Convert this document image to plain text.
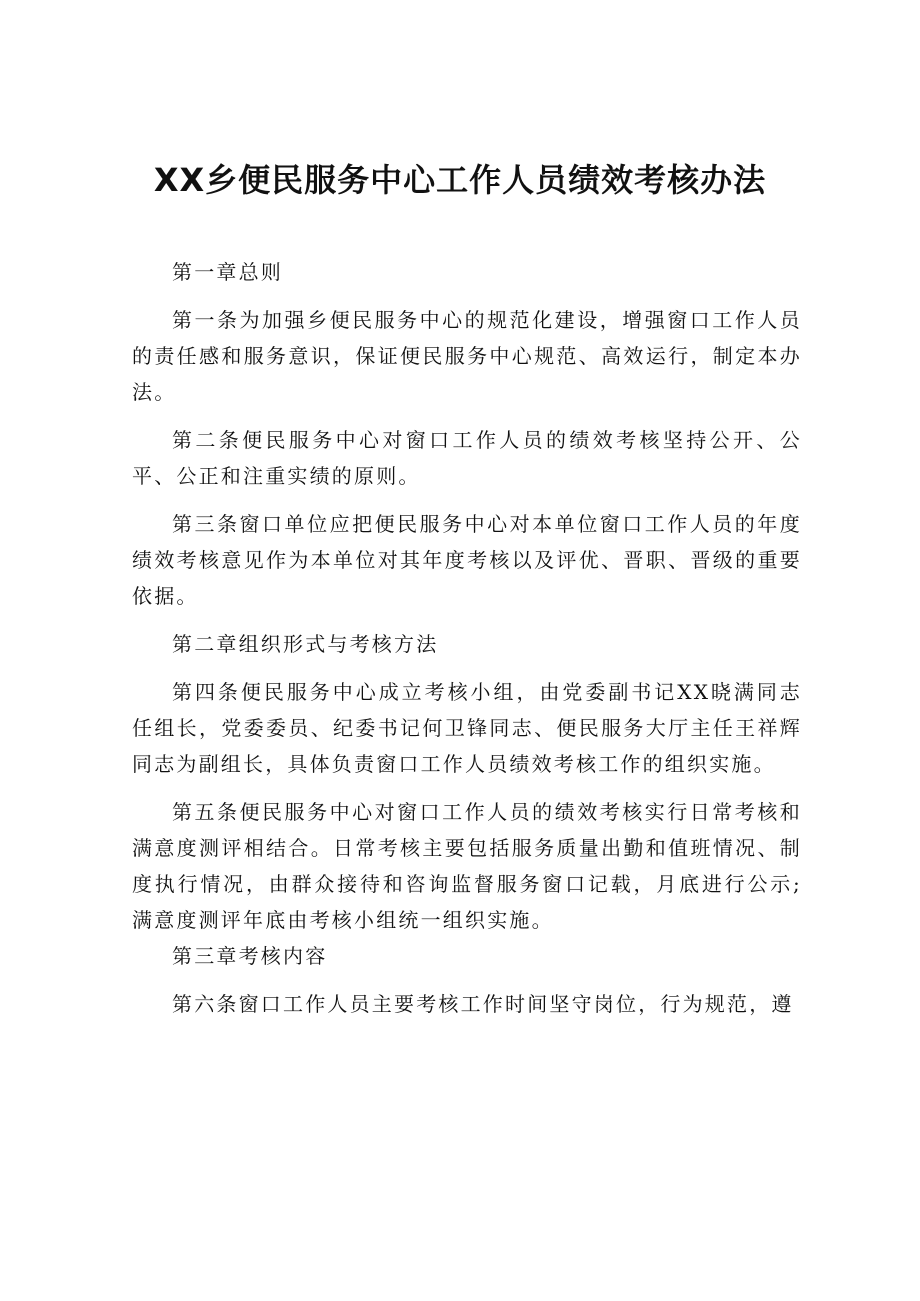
XX乡便民服务中心工作人员绩效考核办法

第一章总则

第一条为加强乡便民服务中心的规范化建设，增强窗口工作人员的责任感和服务意识，保证便民服务中心规范、高效运行，制定本办法。

第二条便民服务中心对窗口工作人员的绩效考核坚持公开、公平、公正和注重实绩的原则。

第三条窗口单位应把便民服务中心对本单位窗口工作人员的年度绩效考核意见作为本单位对其年度考核以及评优、晋职、晋级的重要依据。

第二章组织形式与考核方法

第四条便民服务中心成立考核小组，由党委副书记XX晓满同志任组长，党委委员、纪委书记何卫锋同志、便民服务大厅主任王祥辉同志为副组长，具体负责窗口工作人员绩效考核工作的组织实施。

第五条便民服务中心对窗口工作人员的绩效考核实行日常考核和满意度测评相结合。日常考核主要包括服务质量出勤和值班情况、制度执行情况，由群众接待和咨询监督服务窗口记载，月底进行公示;满意度测评年底由考核小组统一组织实施。

第三章考核内容

第六条窗口工作人员主要考核工作时间坚守岗位，行为规范，遵
